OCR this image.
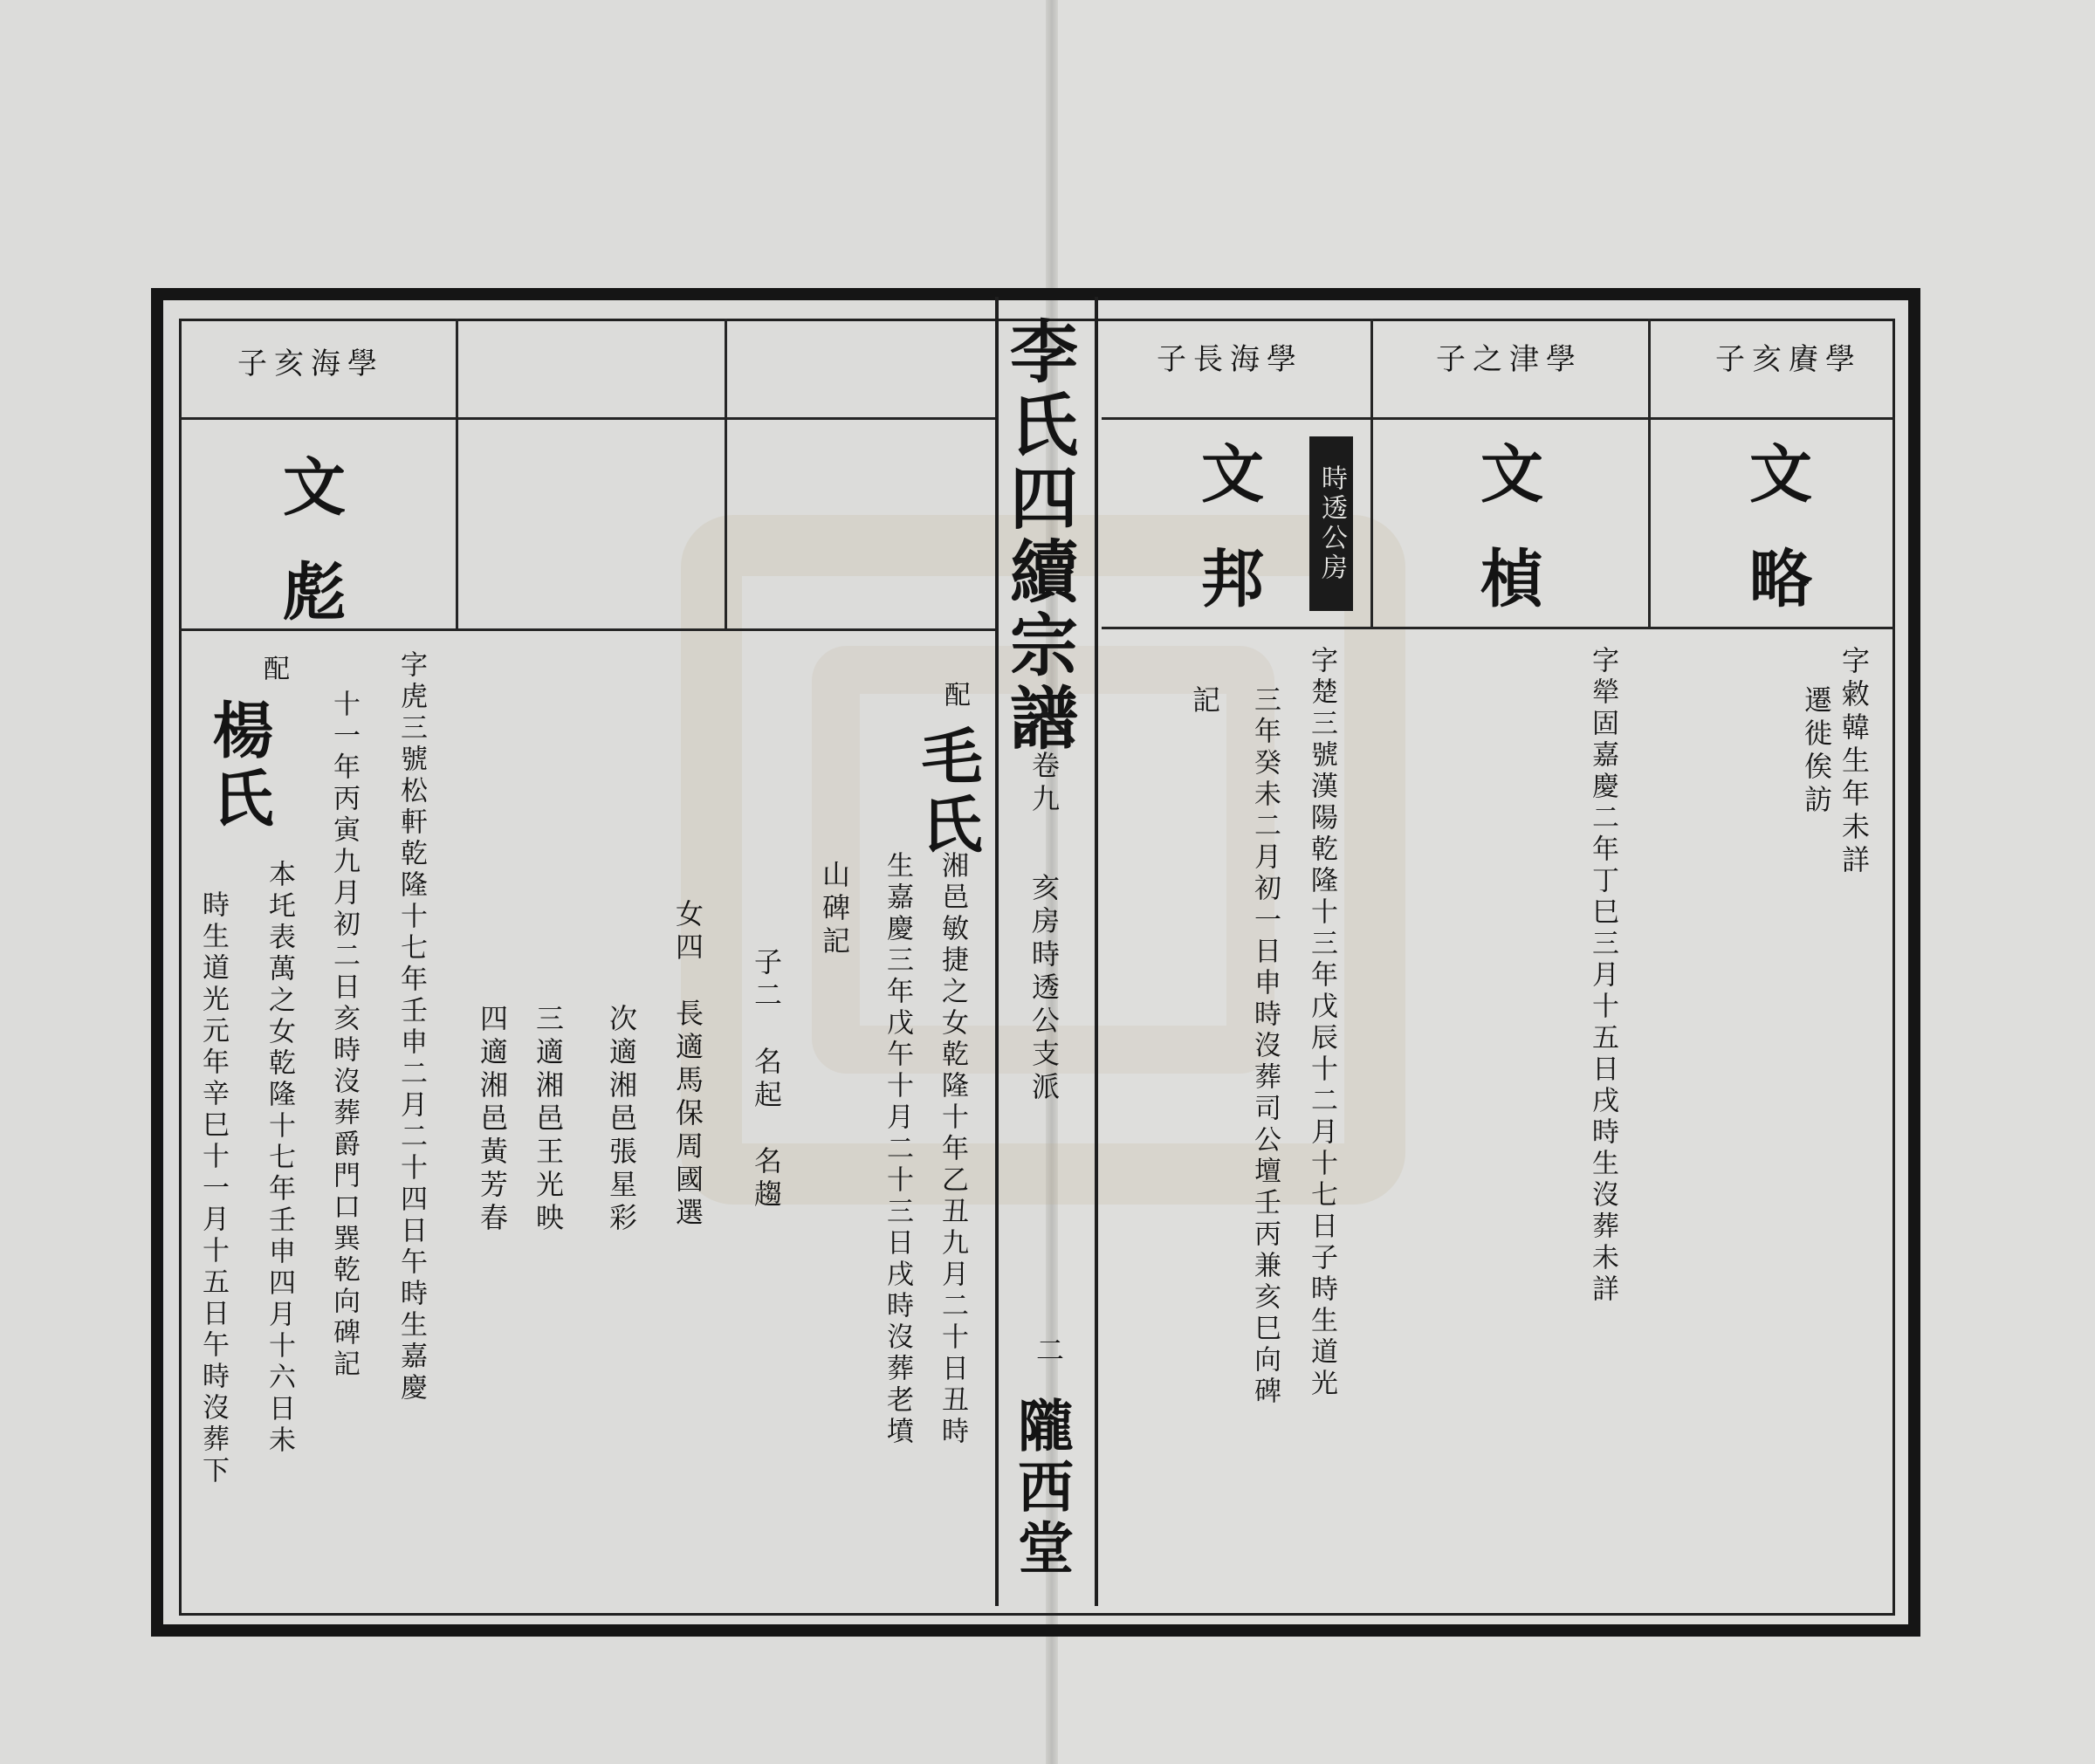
李氏四續宗譜
卷九
亥房時透公支派
二
隴西堂
學賡亥子
文略
字敹韓生年未詳
遷徙俟訪
學津之子
文楨
字犖固嘉慶二年丁巳三月十五日戌時生沒葬未詳
學海長子
時透公房
文邦
字楚三號漢陽乾隆十三年戊辰十二月十七日子時生道光
三年癸未二月初一日申時沒葬司公壇壬丙兼亥巳向碑
記
配
毛氏
湘邑敏捷之女乾隆十年乙丑九月二十日丑時
生嘉慶三年戊午十月二十三日戌時沒葬老墳
山碑記
子二　名起　名趨
女四　長適馬保周國選
次適湘邑張星彩
三適湘邑王光映
四適湘邑黃芳春
學海亥子
文彪
字虎三號松軒乾隆十七年壬申二月二十四日午時生嘉慶
十一年丙寅九月初二日亥時沒葬爵門口巽乾向碑記
配
楊氏
本圫表萬之女乾隆十七年壬申四月十六日未
時生道光元年辛巳十一月十五日午時沒葬下
